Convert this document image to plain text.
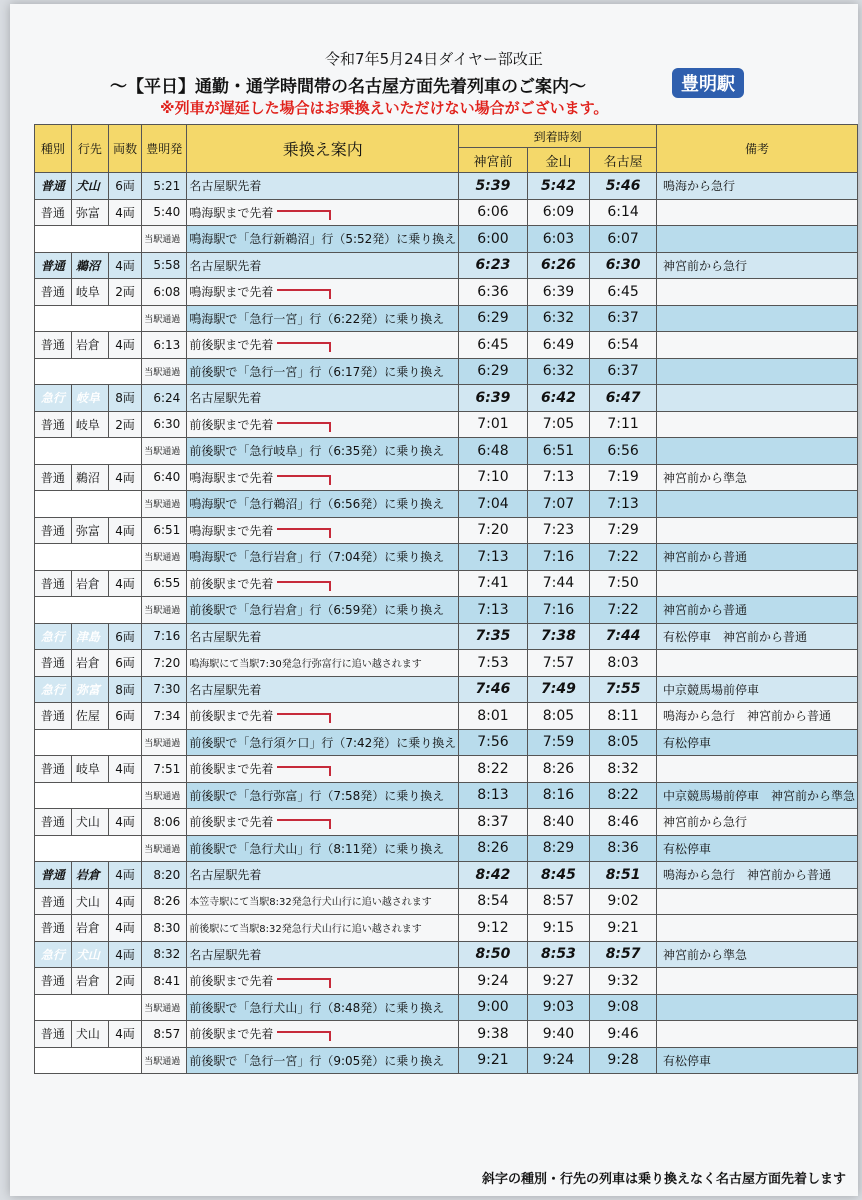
令和7年5月24日ダイヤー部改正
〜【平日】通勤・通学時間帯の名古屋方面先着列車のご案内〜	豊明駅
※列車が遅延した場合はお乗換えいただけない場合がございます。
種別	行先	両数	豊明発	乗換え案内	到着時刻			備考
					神宮前	金山	名古屋	
普通	犬山	6両	5:21	名古屋駅先着	5:39	5:42	5:46	鳴海から急行
普通	弥富	4両	5:40	鳴海駅まで先着	6:06	6:09	6:14	
			当駅通過	鳴海駅で「急行新鵜沼」行（5:52発）に乗り換え	6:00	6:03	6:07	
普通	鵜沼	4両	5:58	名古屋駅先着	6:23	6:26	6:30	神宮前から急行
普通	岐阜	2両	6:08	鳴海駅まで先着	6:36	6:39	6:45	
			当駅通過	鳴海駅で「急行一宮」行（6:22発）に乗り換え	6:29	6:32	6:37	
普通	岩倉	4両	6:13	前後駅まで先着	6:45	6:49	6:54	
			当駅通過	前後駅で「急行一宮」行（6:17発）に乗り換え	6:29	6:32	6:37	
急行	岐阜	8両	6:24	名古屋駅先着	6:39	6:42	6:47	
普通	岐阜	2両	6:30	前後駅まで先着	7:01	7:05	7:11	
			当駅通過	前後駅で「急行岐阜」行（6:35発）に乗り換え	6:48	6:51	6:56	
普通	鵜沼	4両	6:40	鳴海駅まで先着	7:10	7:13	7:19	神宮前から準急
			当駅通過	鳴海駅で「急行鵜沼」行（6:56発）に乗り換え	7:04	7:07	7:13	
普通	弥富	4両	6:51	鳴海駅まで先着	7:20	7:23	7:29	
			当駅通過	鳴海駅で「急行岩倉」行（7:04発）に乗り換え	7:13	7:16	7:22	神宮前から普通
普通	岩倉	4両	6:55	前後駅まで先着	7:41	7:44	7:50	
			当駅通過	前後駅で「急行岩倉」行（6:59発）に乗り換え	7:13	7:16	7:22	神宮前から普通
急行	津島	6両	7:16	名古屋駅先着	7:35	7:38	7:44	有松停車　神宮前から普通
普通	岩倉	6両	7:20	鳴海駅にて当駅7:30発急行弥富行に追い越されます	7:53	7:57	8:03	
急行	弥富	8両	7:30	名古屋駅先着	7:46	7:49	7:55	中京競馬場前停車
普通	佐屋	6両	7:34	前後駅まで先着	8:01	8:05	8:11	鳴海から急行　神宮前から普通
			当駅通過	前後駅で「急行須ケ口」行（7:42発）に乗り換え	7:56	7:59	8:05	有松停車
普通	岐阜	4両	7:51	前後駅まで先着	8:22	8:26	8:32	
			当駅通過	前後駅で「急行弥富」行（7:58発）に乗り換え	8:13	8:16	8:22	中京競馬場前停車　神宮前から準急
普通	犬山	4両	8:06	前後駅まで先着	8:37	8:40	8:46	神宮前から急行
			当駅通過	前後駅で「急行犬山」行（8:11発）に乗り換え	8:26	8:29	8:36	有松停車
普通	岩倉	4両	8:20	名古屋駅先着	8:42	8:45	8:51	鳴海から急行　神宮前から普通
普通	犬山	4両	8:26	本笠寺駅にて当駅8:32発急行犬山行に追い越されます	8:54	8:57	9:02	
普通	岩倉	4両	8:30	前後駅にて当駅8:32発急行犬山行に追い越されます	9:12	9:15	9:21	
急行	犬山	4両	8:32	名古屋駅先着	8:50	8:53	8:57	神宮前から準急
普通	岩倉	2両	8:41	前後駅まで先着	9:24	9:27	9:32	
			当駅通過	前後駅で「急行犬山」行（8:48発）に乗り換え	9:00	9:03	9:08	
普通	犬山	4両	8:57	前後駅まで先着	9:38	9:40	9:46	
			当駅通過	前後駅で「急行一宮」行（9:05発）に乗り換え	9:21	9:24	9:28	有松停車
斜字の種別・行先の列車は乗り換えなく名古屋方面先着します
